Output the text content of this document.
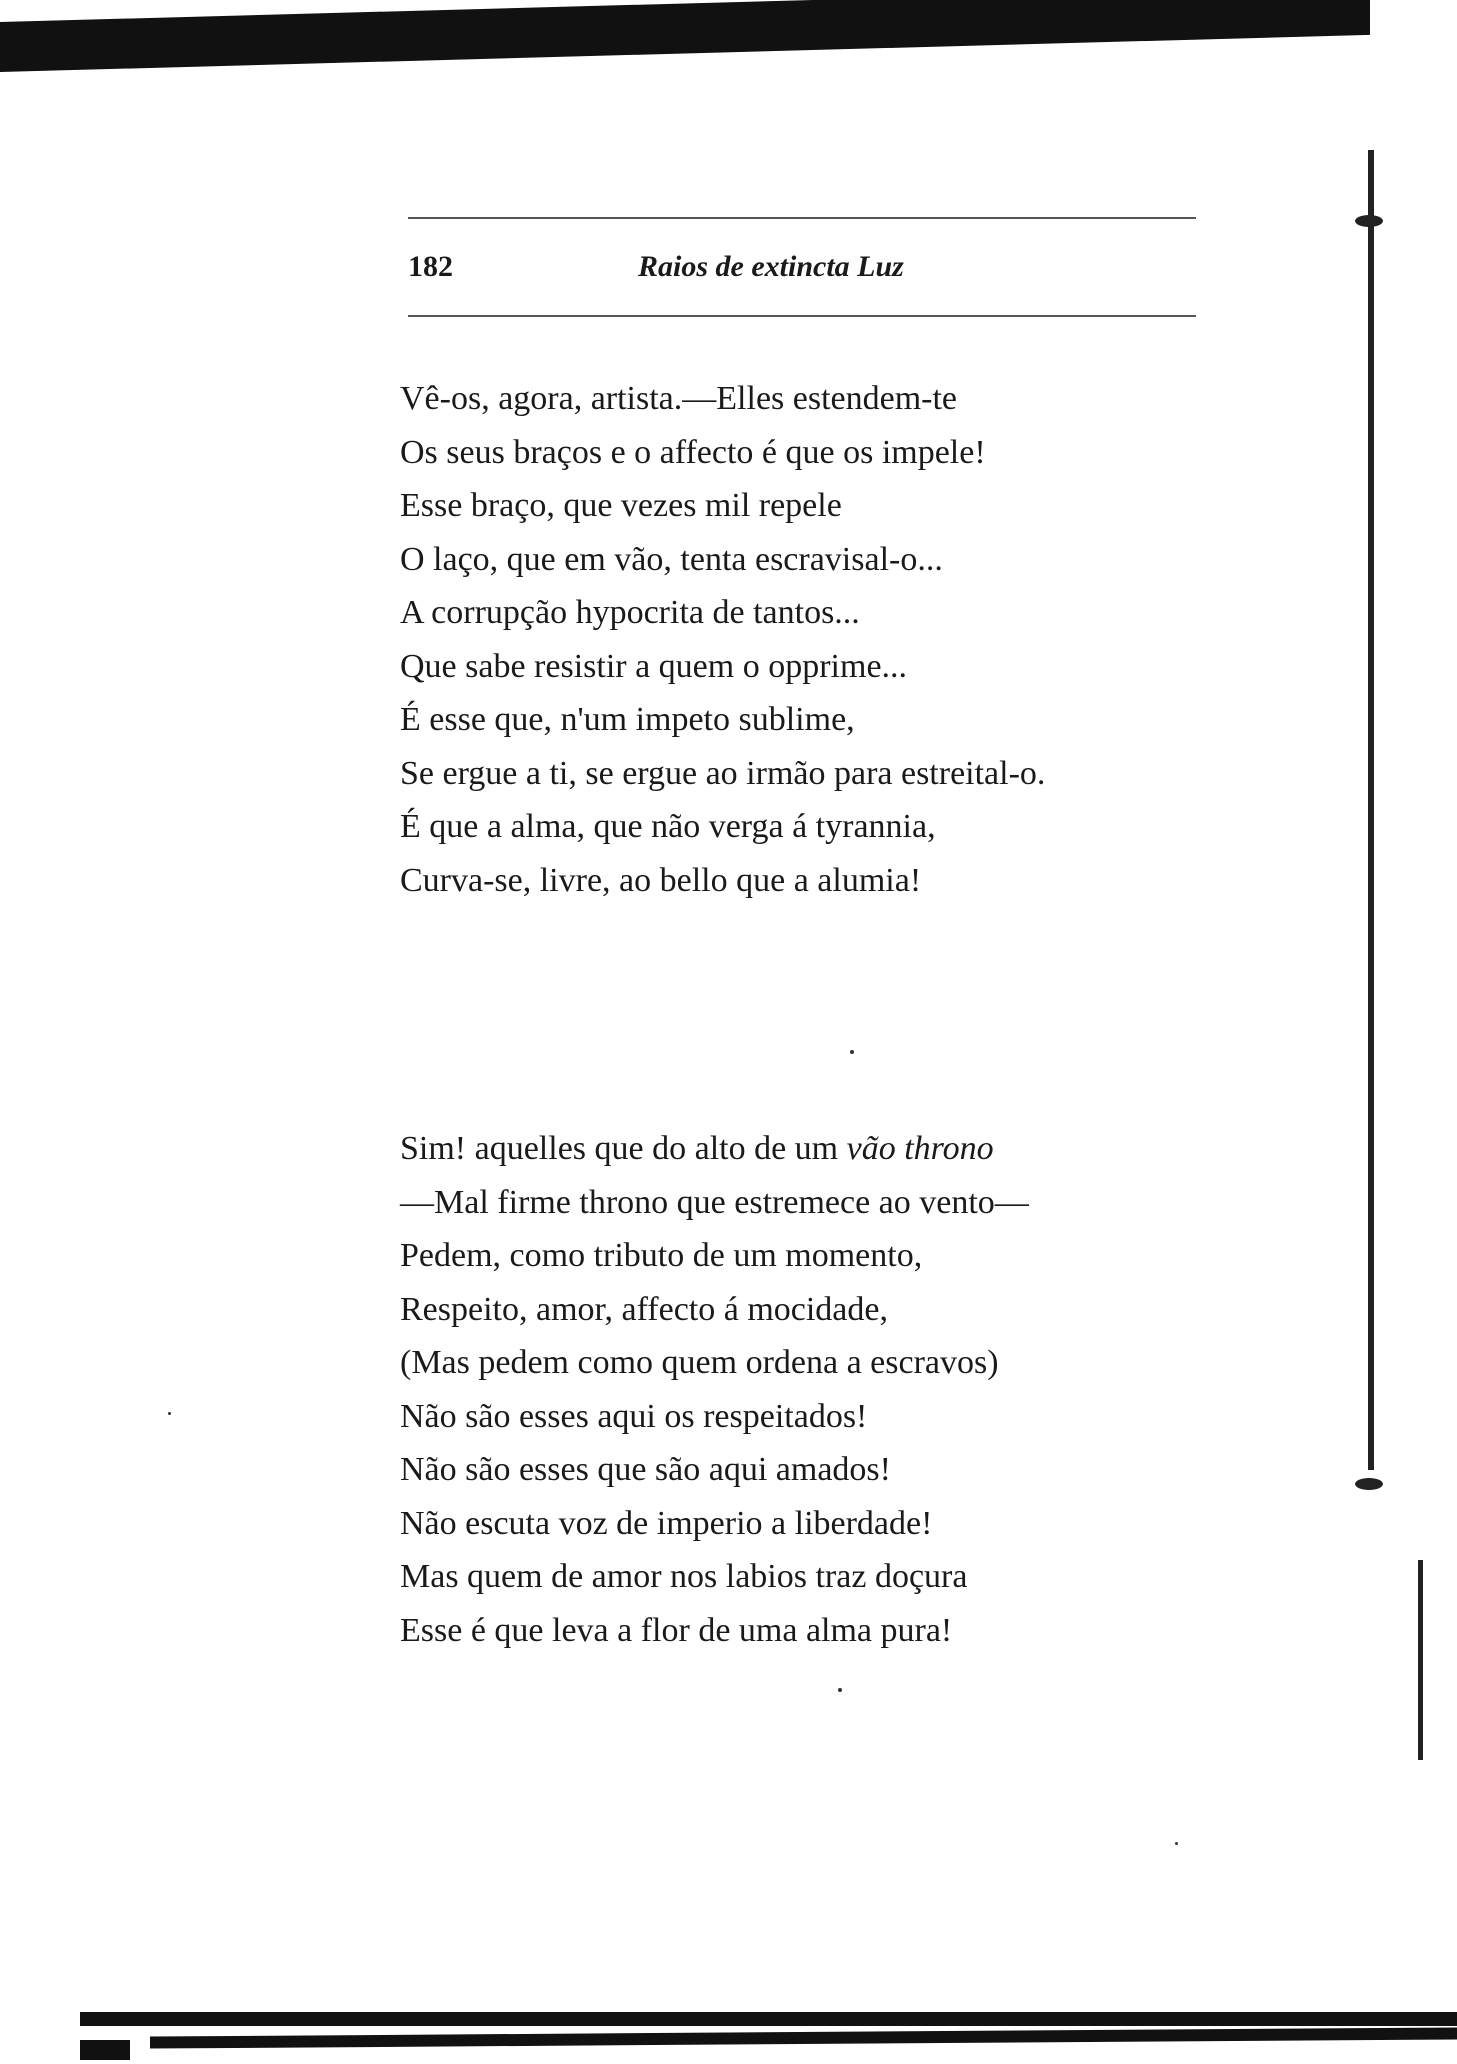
182	Raios de extincta Luz
Vê-os, agora, artista.—Elles estendem-te
Os seus braços e o affecto é que os impele!
Esse braço, que vezes mil repele
O laço, que em vão, tenta escravisal-o...
A corrupção hypocrita de tantos...
Que sabe resistir a quem o opprime...
É esse que, n'um impeto sublime,
Se ergue a ti, se ergue ao irmão para estreital-o.
É que a alma, que não verga á tyrannia,
Curva-se, livre, ao bello que a alumia!
Sim! aquelles que do alto de um vão throno
—Mal firme throno que estremece ao vento—
Pedem, como tributo de um momento,
Respeito, amor, affecto á mocidade,
(Mas pedem como quem ordena a escravos)
Não são esses aqui os respeitados!
Não são esses que são aqui amados!
Não escuta voz de imperio a liberdade!
Mas quem de amor nos labios traz doçura
Esse é que leva a flor de uma alma pura!
